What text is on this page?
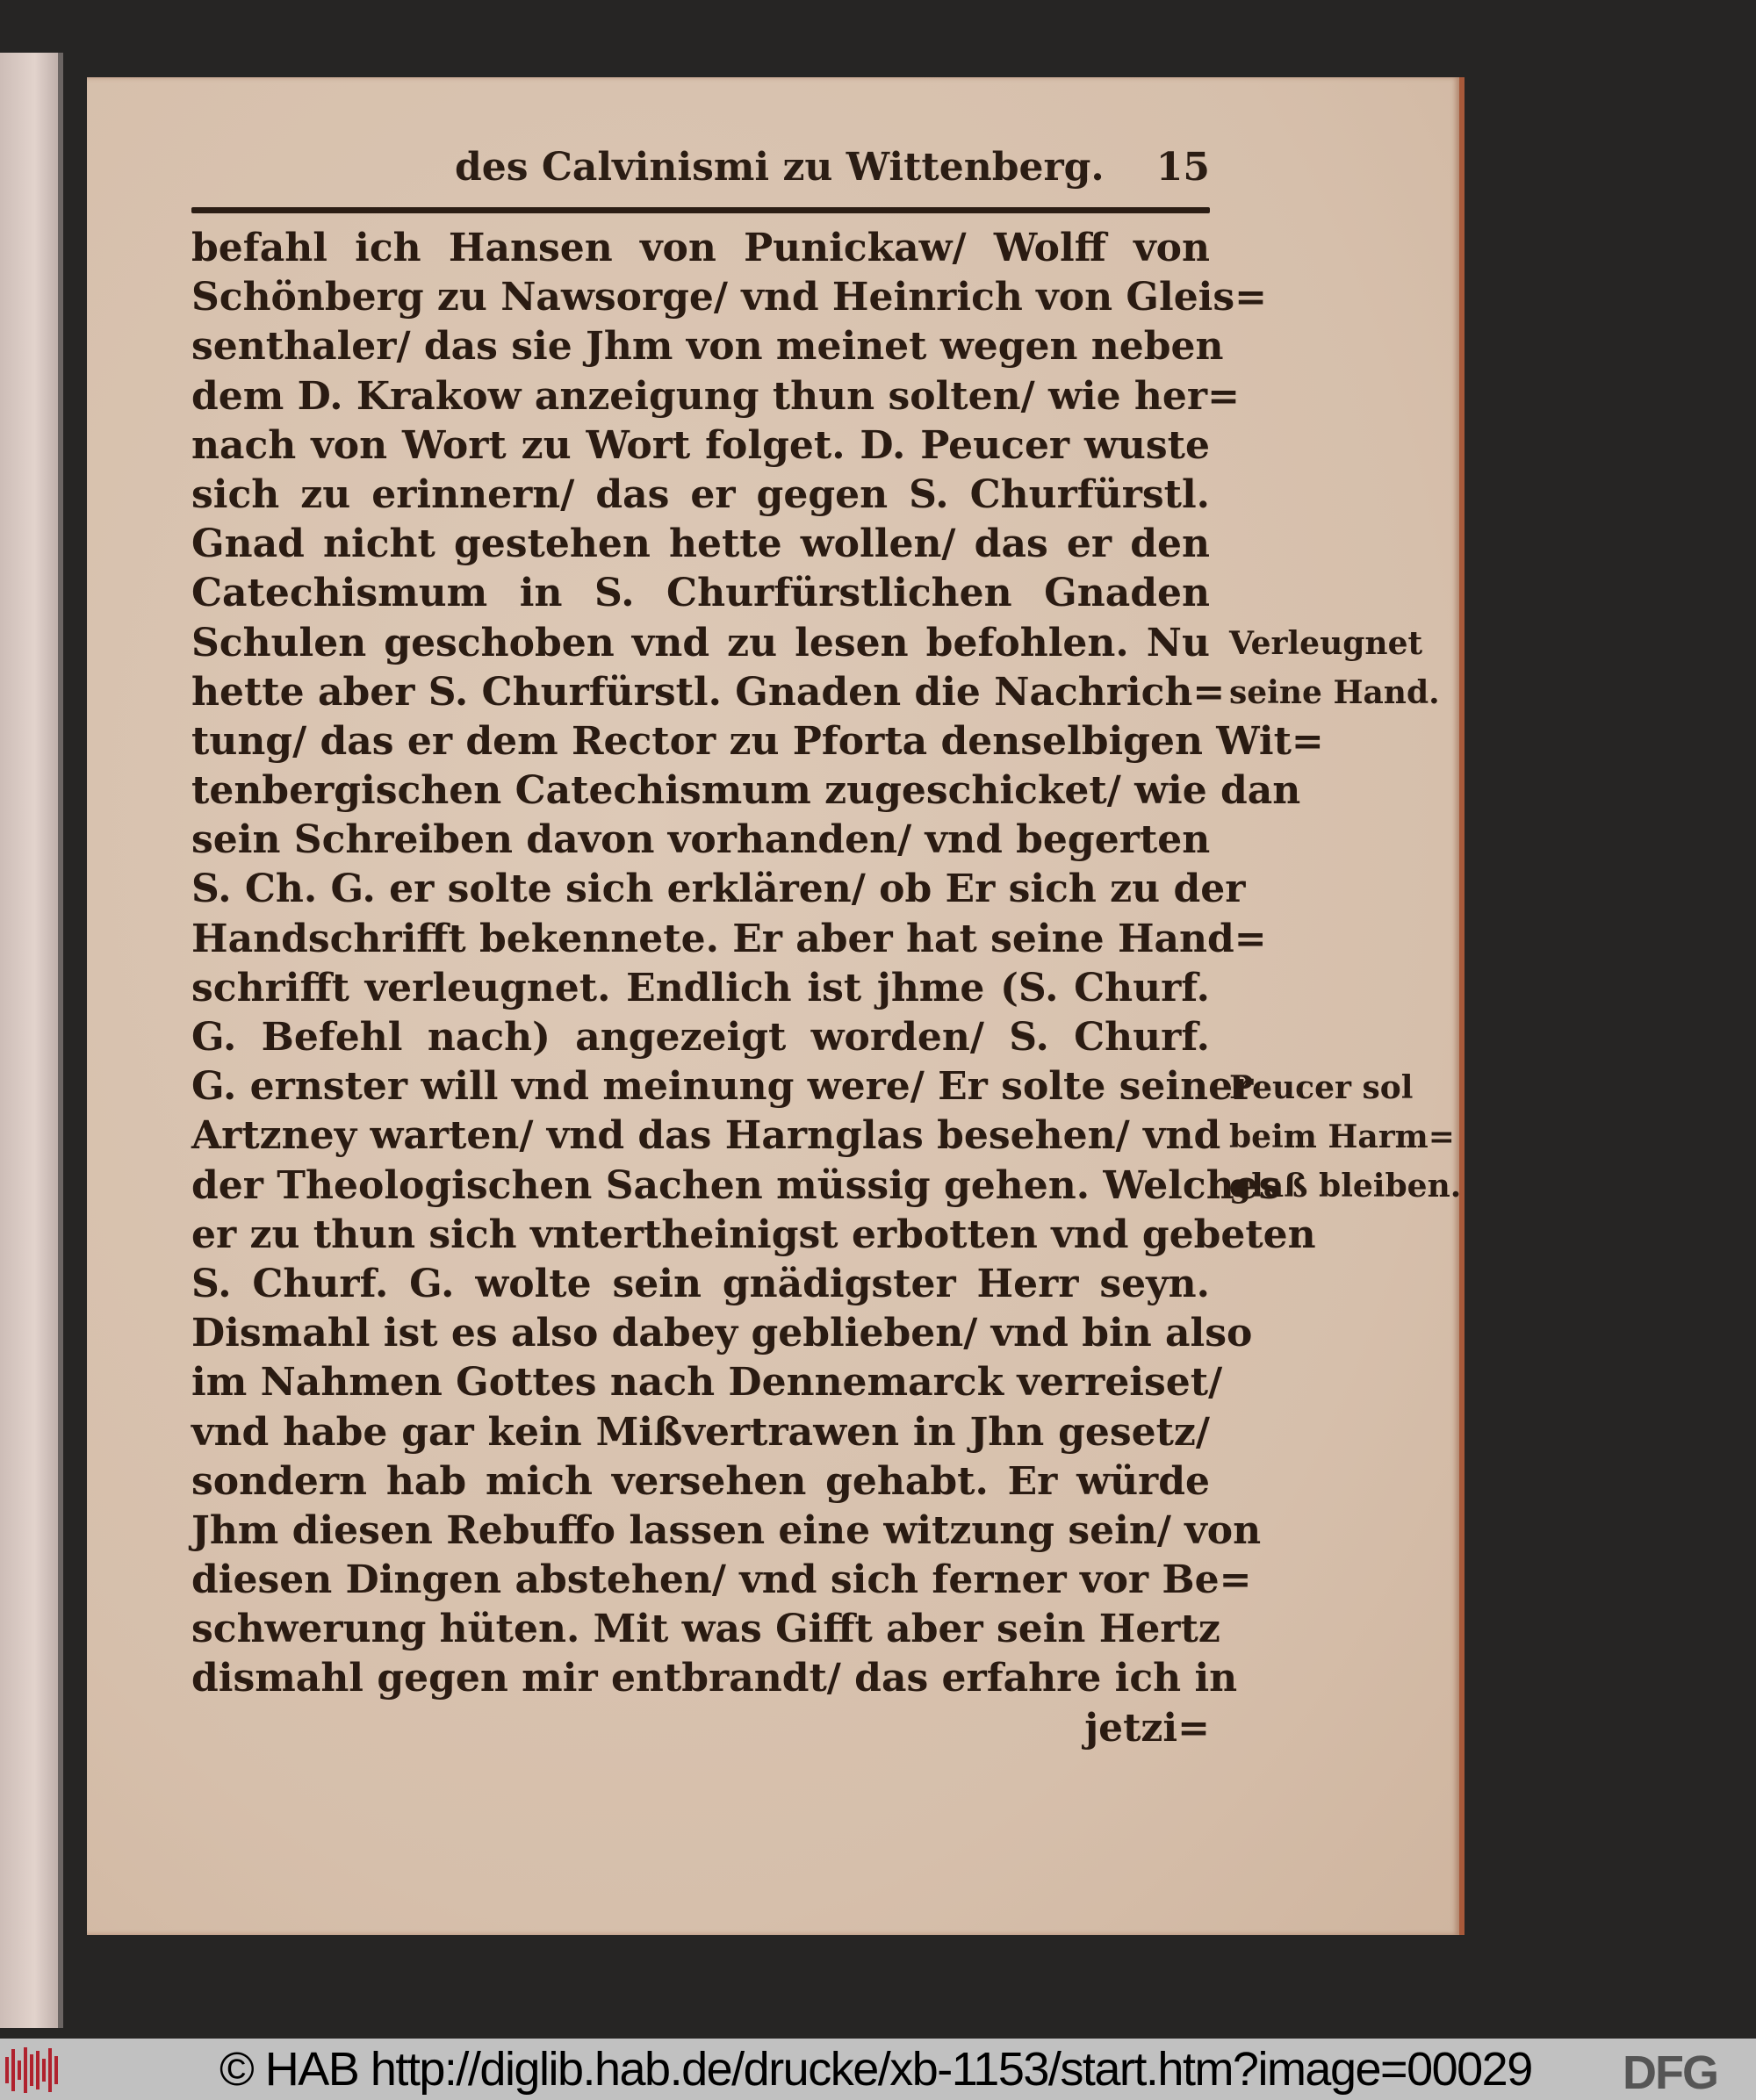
des Calvinismi zu Wittenberg. 15
befahl ich Hansen von Punickaw/ Wolff von
Schönberg zu Nawsorge/ vnd Heinrich von Gleis=
senthaler/ das sie Jhm von meinet wegen neben
dem D. Krakow anzeigung thun solten/ wie her=
nach von Wort zu Wort folget. D. Peucer wuste
sich zu erinnern/ das er gegen S. Churfürstl.
Gnad nicht gestehen hette wollen/ das er den
Catechismum in S. Churfürstlichen Gnaden
Schulen geschoben vnd zu lesen befohlen. Nu
hette aber S. Churfürstl. Gnaden die Nachrich=
tung/ das er dem Rector zu Pforta denselbigen Wit=
tenbergischen Catechismum zugeschicket/ wie dan
sein Schreiben davon vorhanden/ vnd begerten
S. Ch. G. er solte sich erklären/ ob Er sich zu der
Handschrifft bekennete. Er aber hat seine Hand=
schrifft verleugnet. Endlich ist jhme (S. Churf.
G. Befehl nach) angezeigt worden/ S. Churf.
G. ernster will vnd meinung were/ Er solte seiner
Artzney warten/ vnd das Harnglas besehen/ vnd
der Theologischen Sachen müssig gehen. Welches
er zu thun sich vntertheinigst erbotten vnd gebeten
S. Churf. G. wolte sein gnädigster Herr seyn.
Dismahl ist es also dabey geblieben/ vnd bin also
im Nahmen Gottes nach Dennemarck verreiset/
vnd habe gar kein Mißvertrawen in Jhn gesetz/
sondern hab mich versehen gehabt. Er würde
Jhm diesen Rebuffo lassen eine witzung sein/ von
diesen Dingen abstehen/ vnd sich ferner vor Be=
schwerung hüten. Mit was Gifft aber sein Hertz
dismahl gegen mir entbrandt/ das erfahre ich in
jetzi=
Verleugnet
seine Hand.
Peucer sol
beim Harm=
glaß bleiben.
© HAB http://diglib.hab.de/drucke/xb-1153/start.htm?image=00029 DFG
